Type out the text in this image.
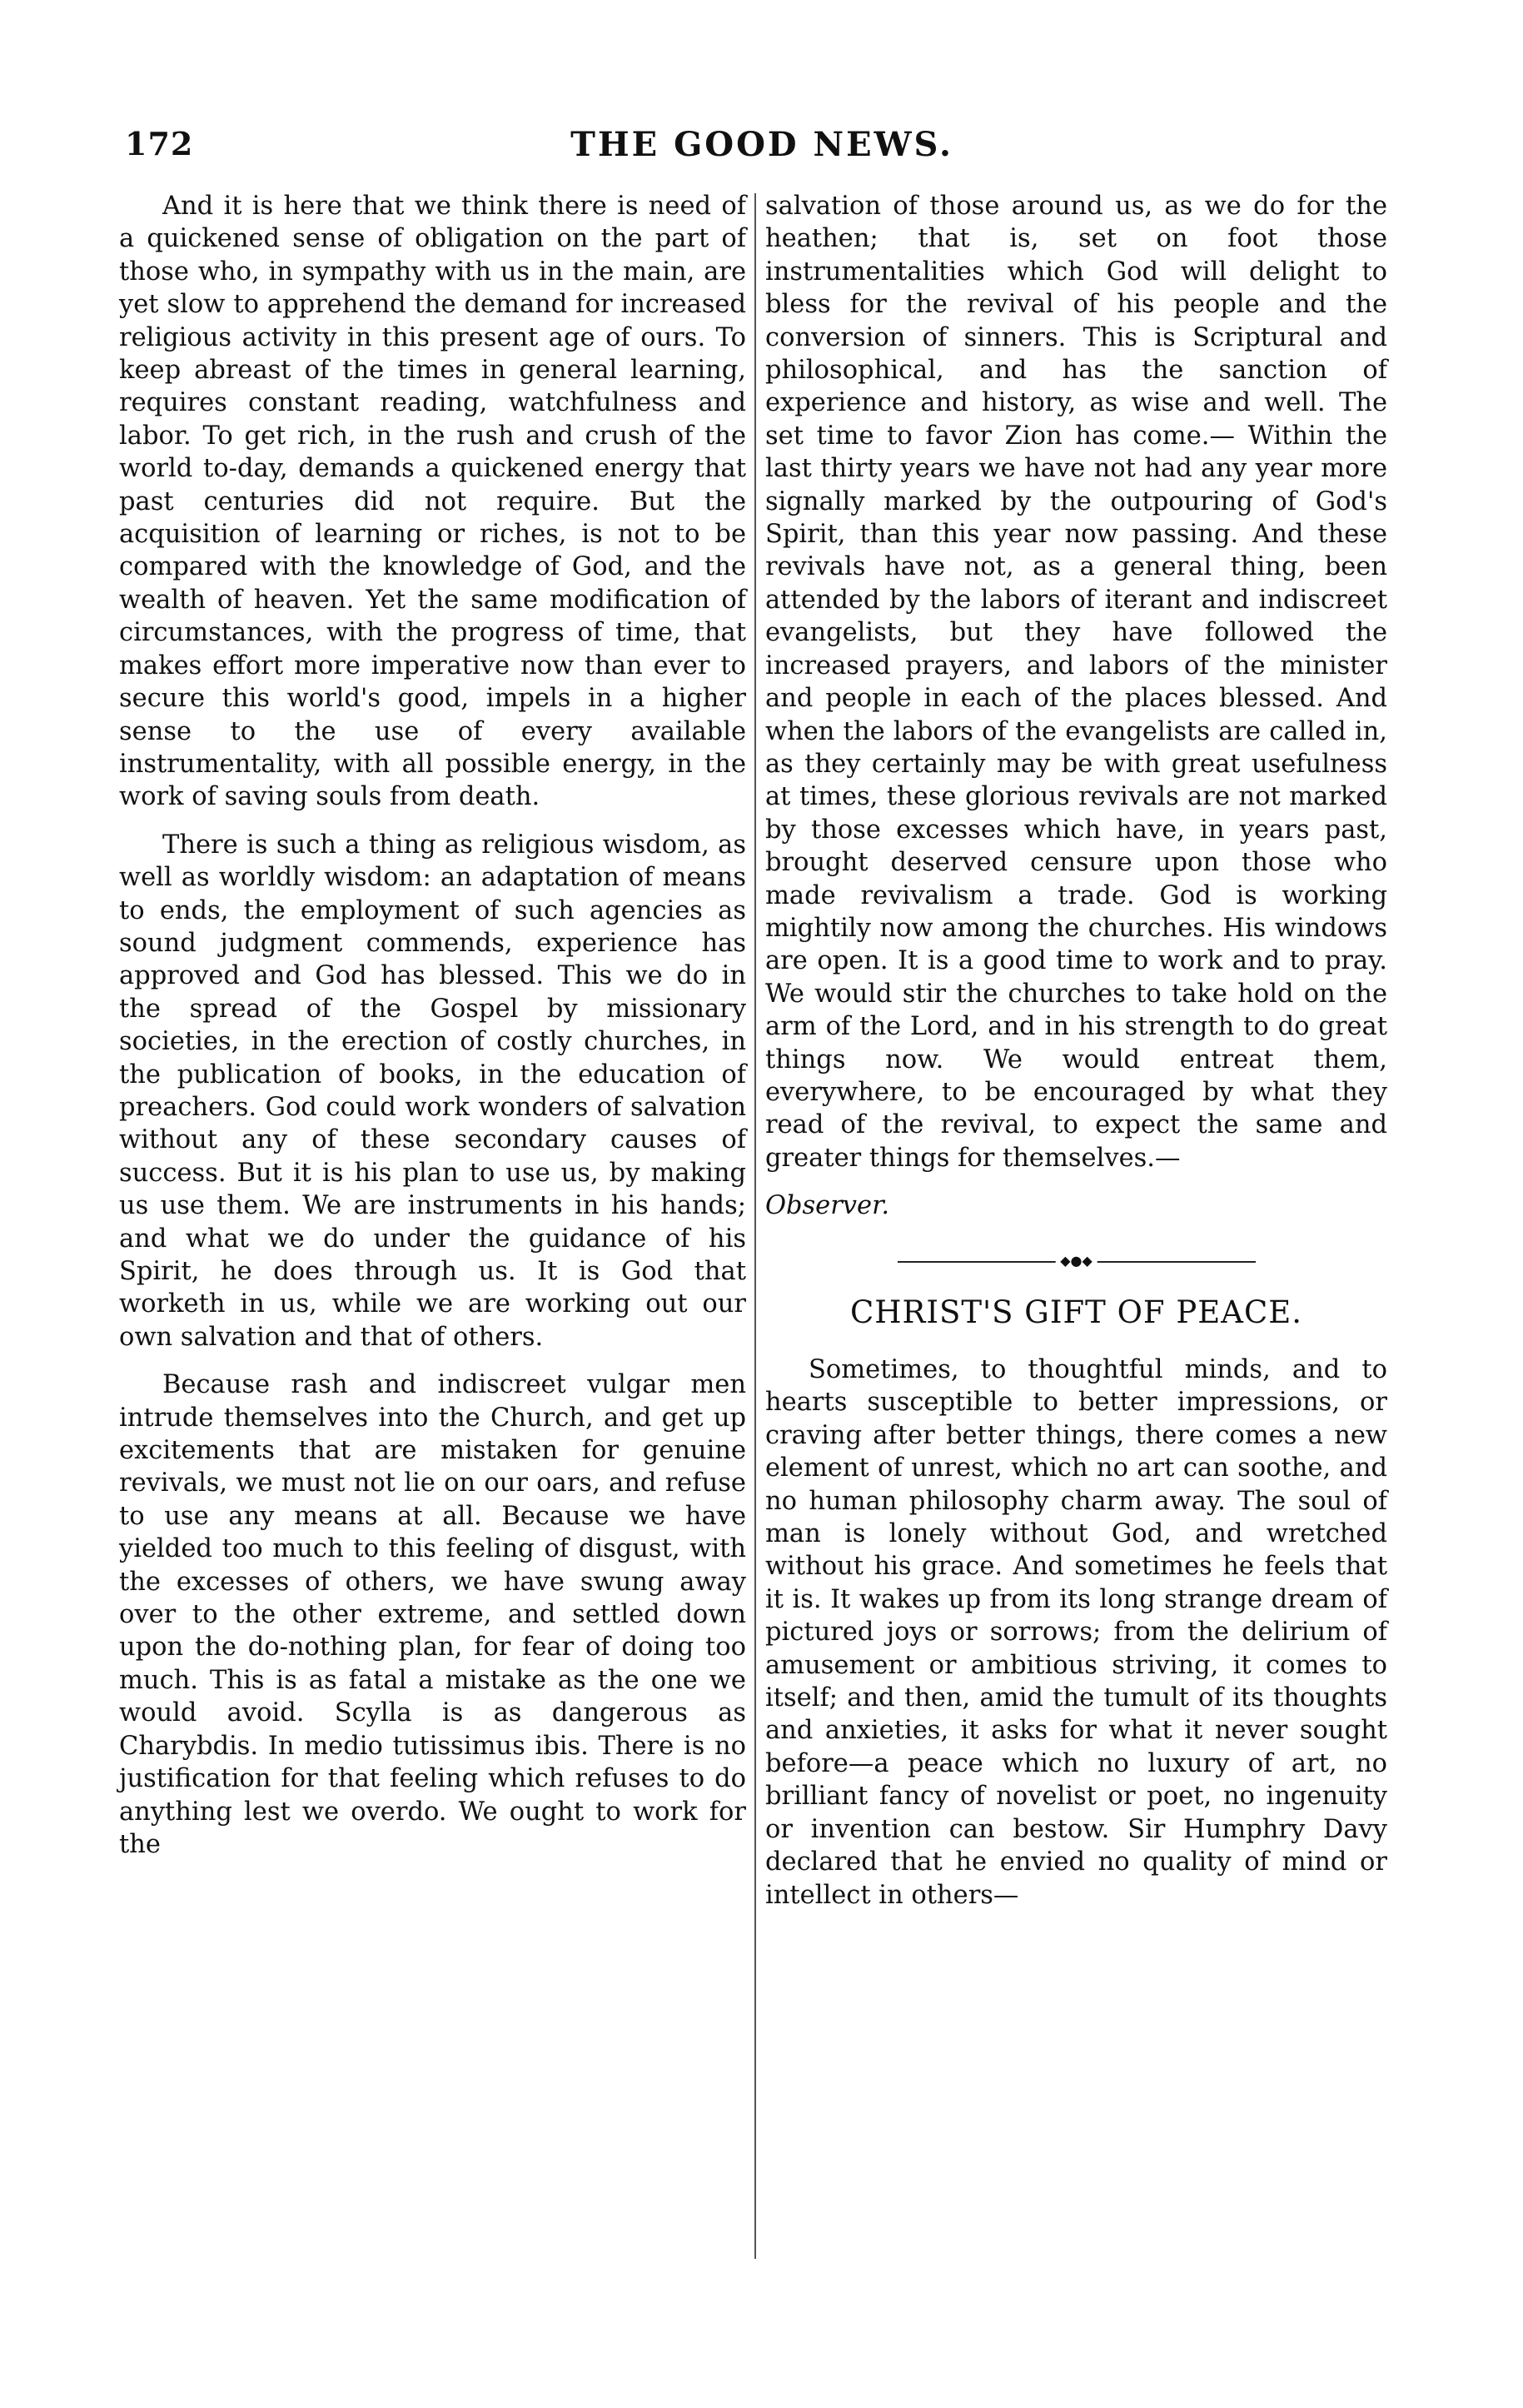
172	THE GOOD NEWS.

And it is here that we think there is need of a quickened sense of obligation on the part of those who, in sympathy with us in the main, are yet slow to apprehend the demand for increased religious activity in this present age of ours. To keep abreast of the times in general learning, requires constant reading, watchfulness and labor. To get rich, in the rush and crush of the world to-day, demands a quickened energy that past centuries did not require. But the acquisition of learning or riches, is not to be compared with the knowledge of God, and the wealth of heaven. Yet the same modification of circumstances, with the progress of time, that makes effort more imperative now than ever to secure this world's good, impels in a higher sense to the use of every available instrumentality, with all possible energy, in the work of saving souls from death.

There is such a thing as religious wisdom, as well as worldly wisdom: an adaptation of means to ends, the employment of such agencies as sound judgment commends, experience has approved and God has blessed. This we do in the spread of the Gospel by missionary societies, in the erection of costly churches, in the publication of books, in the education of preachers. God could work wonders of salvation without any of these secondary causes of success. But it is his plan to use us, by making us use them. We are instruments in his hands; and what we do under the guidance of his Spirit, he does through us. It is God that worketh in us, while we are working out our own salvation and that of others.

Because rash and indiscreet vulgar men intrude themselves into the Church, and get up excitements that are mistaken for genuine revivals, we must not lie on our oars, and refuse to use any means at all. Because we have yielded too much to this feeling of disgust, with the excesses of others, we have swung away over to the other extreme, and settled down upon the do-nothing plan, for fear of doing too much. This is as fatal a mistake as the one we would avoid. Scylla is as dangerous as Charybdis. In medio tutissimus ibis. There is no justification for that feeling which refuses to do anything lest we overdo. We ought to work for the

salvation of those around us, as we do for the heathen; that is, set on foot those instrumentalities which God will delight to bless for the revival of his people and the conversion of sinners. This is Scriptural and philosophical, and has the sanction of experience and history, as wise and well. The set time to favor Zion has come.— Within the last thirty years we have not had any year more signally marked by the outpouring of God's Spirit, than this year now passing. And these revivals have not, as a general thing, been attended by the labors of iterant and indiscreet evangelists, but they have followed the increased prayers, and labors of the minister and people in each of the places blessed. And when the labors of the evangelists are called in, as they certainly may be with great usefulness at times, these glorious revivals are not marked by those excesses which have, in years past, brought deserved censure upon those who made revivalism a trade. God is working mightily now among the churches. His windows are open. It is a good time to work and to pray. We would stir the churches to take hold on the arm of the Lord, and in his strength to do great things now. We would entreat them, everywhere, to be encouraged by what they read of the revival, to expect the same and greater things for themselves.—

Observer.

◆●◆
CHRIST'S GIFT OF PEACE.

Sometimes, to thoughtful minds, and to hearts susceptible to better impressions, or craving after better things, there comes a new element of unrest, which no art can soothe, and no human philosophy charm away. The soul of man is lonely without God, and wretched without his grace. And sometimes he feels that it is. It wakes up from its long strange dream of pictured joys or sorrows; from the delirium of amusement or ambitious striving, it comes to itself; and then, amid the tumult of its thoughts and anxieties, it asks for what it never sought before—a peace which no luxury of art, no brilliant fancy of novelist or poet, no ingenuity or invention can bestow. Sir Humphry Davy declared that he envied no quality of mind or intellect in others—
